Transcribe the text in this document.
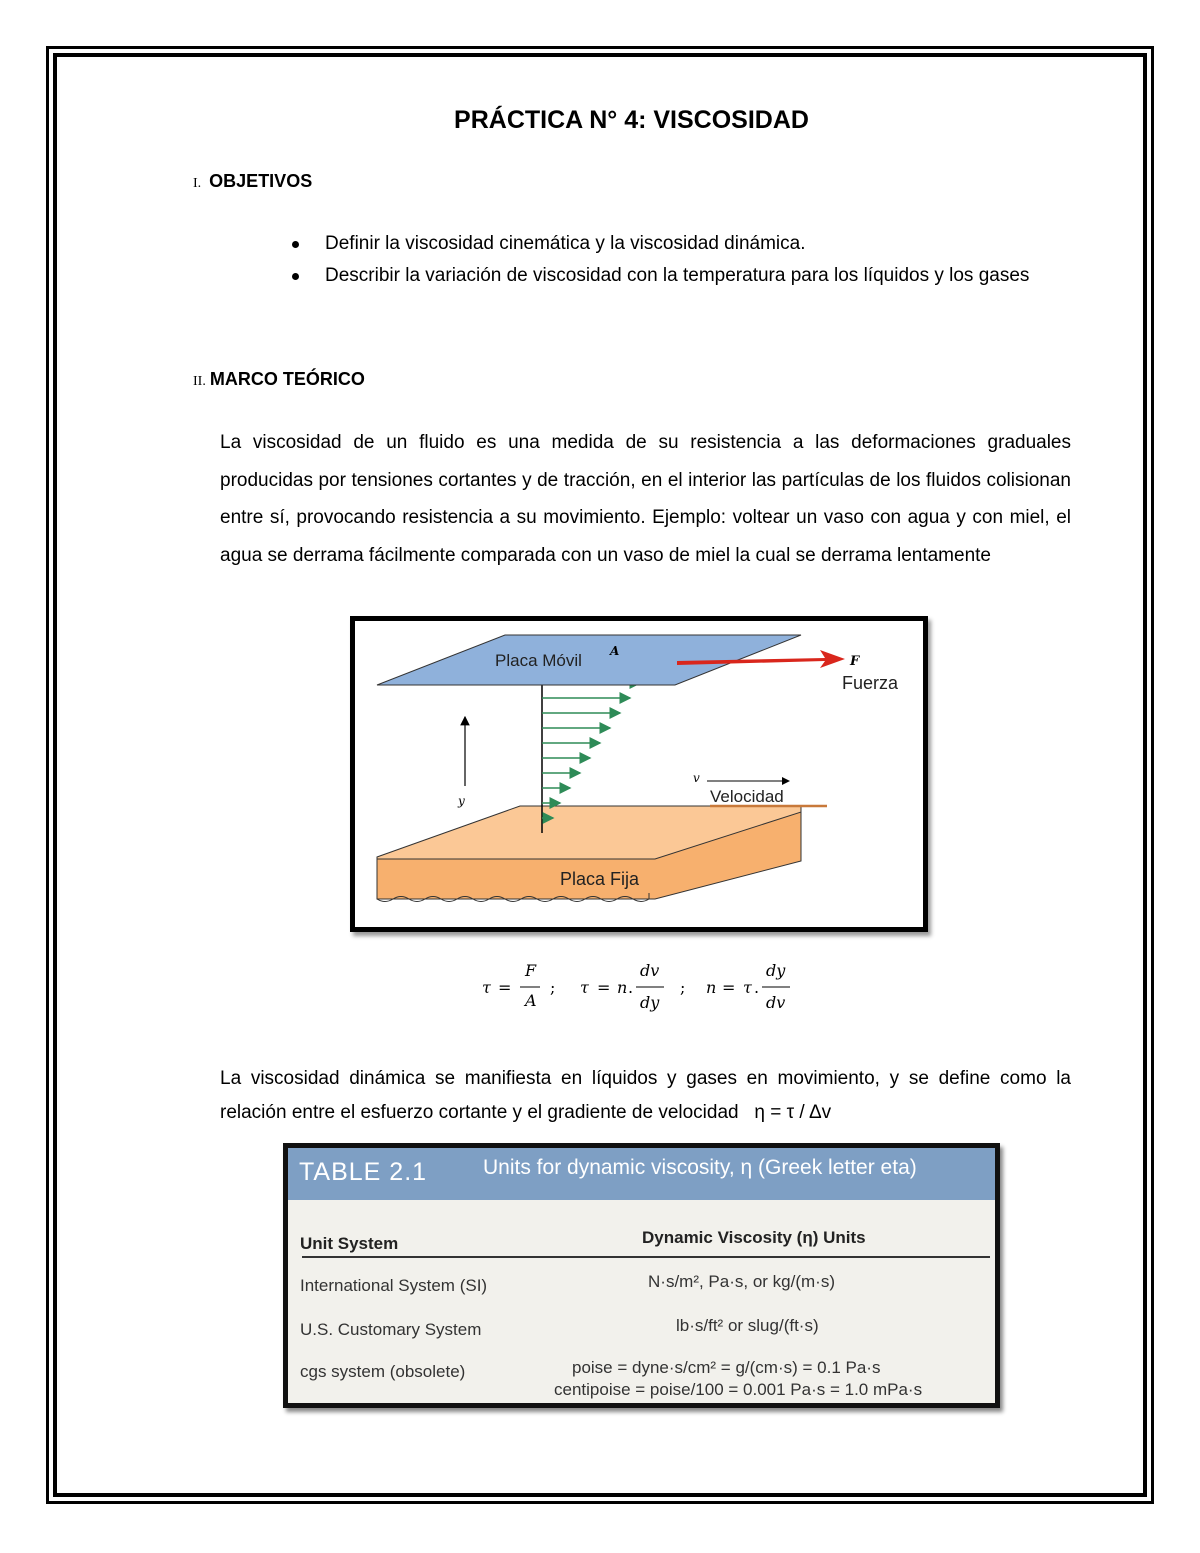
PRÁCTICA N° 4: VISCOSIDAD
I. OBJETIVOS
Definir la viscosidad cinemática y la viscosidad dinámica.
Describir la variación de viscosidad con la temperatura para los líquidos y los gases
II. MARCO TEÓRICO

La viscosidad de un fluido es una medida de su resistencia a las deformaciones graduales producidas por tensiones cortantes y de tracción, en el interior las partículas de los fluidos colisionan entre sí, provocando resistencia a su movimiento. Ejemplo: voltear un vaso con agua y con miel, el agua se derrama fácilmente comparada con un vaso de miel la cual se derrama lentamente

Placa Fija
Placa Móvil A
F
Fuerza
y
v
Velocidad
τ =
F
A
; τ = n .
dv
dy
; n = τ .
dy
dv

La viscosidad dinámica se manifiesta en líquidos y gases en movimiento, y se define como la relación entre el esfuerzo cortante y el gradiente de velocidad   η = τ / Δv

TABLE 2.1	Units for dynamic viscosity, η (Greek letter eta)
Unit System	Dynamic Viscosity (η) Units
International System (SI)	N·s/m², Pa·s, or kg/(m·s)
U.S. Customary System	lb·s/ft² or slug/(ft·s)
cgs system (obsolete)	poise = dyne·s/cm² = g/(cm·s) = 0.1 Pa·s
centipoise = poise/100 = 0.001 Pa·s = 1.0 mPa·s
